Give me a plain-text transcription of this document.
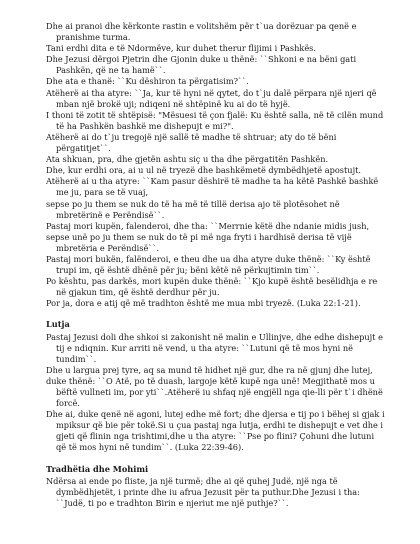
Dhe ai pranoi dhe kërkonte rastin e volitshëm për t`ua dorëzuar pa qenë e pranishme turma.

Tani erdhi dita e të Ndormëve, kur duhet therur flijimi i Pashkës.

Dhe Jezusi dërgoi Pjetrin dhe Gjonin duke u thënë: ``Shkoni e na bëni gati Pashkën, që ne ta hamë``.

Dhe ata e thanë: ``Ku dëshiron ta përgatisim?``.

Atëherë ai tha atyre: ``Ja, kur të hyni në qytet, do t`ju dalë përpara një njeri që mban një brokë uji; ndiqeni në shtëpinë ku ai do të hyjë.

I thoni të zotit të shtëpisë: "Mësuesi të çon fjalë: Ku është salla, në të cilën mund të ha Pashkën bashkë me dishepujt e mi?".

Atëherë ai do t`ju tregojë një sallë të madhe të shtruar; aty do të bëni përgatitjet``.

Ata shkuan, pra, dhe gjetën ashtu siç u tha dhe përgatitën Pashkën.

Dhe, kur erdhi ora, ai u ul në tryezë dhe bashkëmetë dymbëdhjetë apostujt.

Atëherë ai u tha atyre: ``Kam pasur dëshirë të madhe ta ha këtë Pashkë bashkë me ju, para se të vuaj,

sepse po ju them se nuk do të ha më të tillë derisa ajo të plotësohet në mbretërinë e Perëndisë``.

Pastaj mori kupën, falenderoi, dhe tha: ``Merrnie këtë dhe ndanie midis jush,

sepse unë po ju them se nuk do të pi më nga fryti i hardhisë derisa të vijë mbretëria e Perëndisë``.

Pastaj mori bukën, falënderoi, e theu dhe ua dha atyre duke thënë: ``Ky është trupi im, që është dhënë për ju; bëni këtë në përkujtimin tim``.

Po kështu, pas darkës, mori kupën duke thënë: ``Kjo kupë është besëlidhja e re në gjakun tim, që është derdhur për ju.

Por ja, dora e atij që më tradhton është me mua mbi tryezë. (Luka 22:1-21).

Lutja

Pastaj Jezusi doli dhe shkoi si zakonisht në malin e Ullinjve, dhe edhe dishepujt e tij e ndiqnin. Kur arriti në vend, u tha atyre: ``Lutuni që të mos hyni në tundim``.

Dhe u largua prej tyre, aq sa mund të hidhet një gur, dhe ra në gjunj dhe lutej,

duke thënë: ``O Atë, po të duash, largoje këtë kupë nga unë! Megjithatë mos u bëftë vullneti im, por yti``.Atëherë iu shfaq një engjëll nga qie-lli për t`i dhënë forcë.

Dhe ai, duke qenë në agoni, lutej edhe më fort; dhe djersa e tij po i bëhej si gjak i mpiksur që bie për tokë.Si u çua pastaj nga lutja, erdhi te dishepujt e vet dhe i gjeti që flinin nga trishtimi,dhe u tha atyre: ``Pse po flini? Çohuni dhe lutuni që të mos hyni në tundim``. (Luka 22:39-46).

Tradhëtia dhe Mohimi

Ndërsa ai ende po fliste, ja një turmë; dhe ai që quhej Judë, një nga të dymbëdhjetët, i printe dhe iu afrua Jezusit për ta puthur.Dhe Jezusi i tha: ``Judë, ti po e tradhton Birin e njeriut me një puthje?``.
